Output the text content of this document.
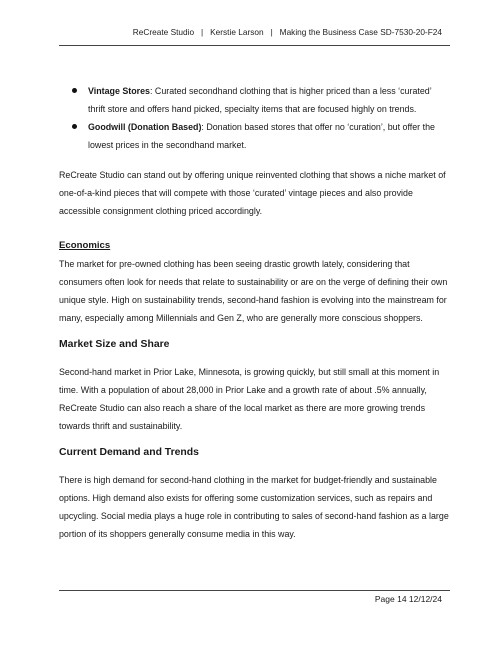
ReCreate Studio | Kerstie Larson | Making the Business Case SD-7530-20-F24
Vintage Stores: Curated secondhand clothing that is higher priced than a less ‘curated’ thrift store and offers hand picked, specialty items that are focused highly on trends.
Goodwill (Donation Based): Donation based stores that offer no ‘curation’, but offer the lowest prices in the secondhand market.

ReCreate Studio can stand out by offering unique reinvented clothing that shows a niche market of one-of-a-kind pieces that will compete with those ‘curated’ vintage pieces and also provide accessible consignment clothing priced accordingly.

Economics

The market for pre-owned clothing has been seeing drastic growth lately, considering that consumers often look for needs that relate to sustainability or are on the verge of defining their own unique style. High on sustainability trends, second-hand fashion is evolving into the mainstream for many, especially among Millennials and Gen Z, who are generally more conscious shoppers.

Market Size and Share

Second-hand market in Prior Lake, Minnesota, is growing quickly, but still small at this moment in time. With a population of about 28,000 in Prior Lake and a growth rate of about .5% annually, ReCreate Studio can also reach a share of the local market as there are more growing trends towards thrift and sustainability.

Current Demand and Trends

There is high demand for second-hand clothing in the market for budget-friendly and sustainable options. High demand also exists for offering some customization services, such as repairs and upcycling. Social media plays a huge role in contributing to sales of second-hand fashion as a large portion of its shoppers generally consume media in this way.

Page 14 12/12/24
